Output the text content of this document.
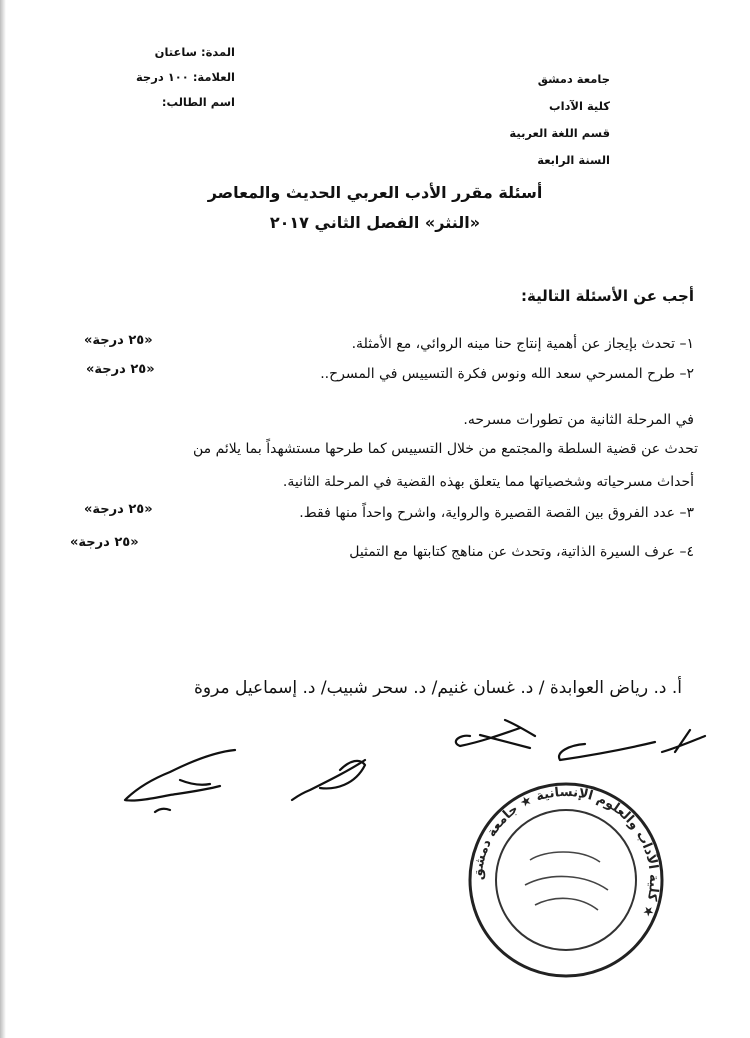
جامعة دمشق
كلية الآداب
قسم اللغة العربية
السنة الرابعة
المدة: ساعتان
العلامة: ١٠٠ درجة
اسم الطالب:
أسئلة مقرر الأدب العربي الحديث والمعاصر
«النثر» الفصل الثاني ٢٠١٧
أجب عن الأسئلة التالية:
١– تحدث بإيجاز عن أهمية إنتاج حنا مينه الروائي، مع الأمثلة.
«٢٥ درجة»
٢– طرح المسرحي سعد الله ونوس فكرة التسييس في المسرح..
«٢٥ درجة»
في المرحلة الثانية من تطورات مسرحه.
تحدث عن قضية السلطة والمجتمع من خلال التسييس كما طرحها مستشهداً بما يلائم من
أحداث مسرحياته وشخصياتها مما يتعلق بهذه القضية في المرحلة الثانية.
٣– عدد الفروق بين القصة القصيرة والرواية، واشرح واحداً منها فقط.
«٢٥ درجة»
٤– عرف السيرة الذاتية، وتحدث عن مناهج كتابتها مع التمثيل
«٢٥ درجة»
أ. د. رياض العوابدة / د. غسان غنيم/ د. سحر شبيب/ د. إسماعيل مروة
كلية الآداب والعلوم الإنسانية ★ جامعة دمشق ★
